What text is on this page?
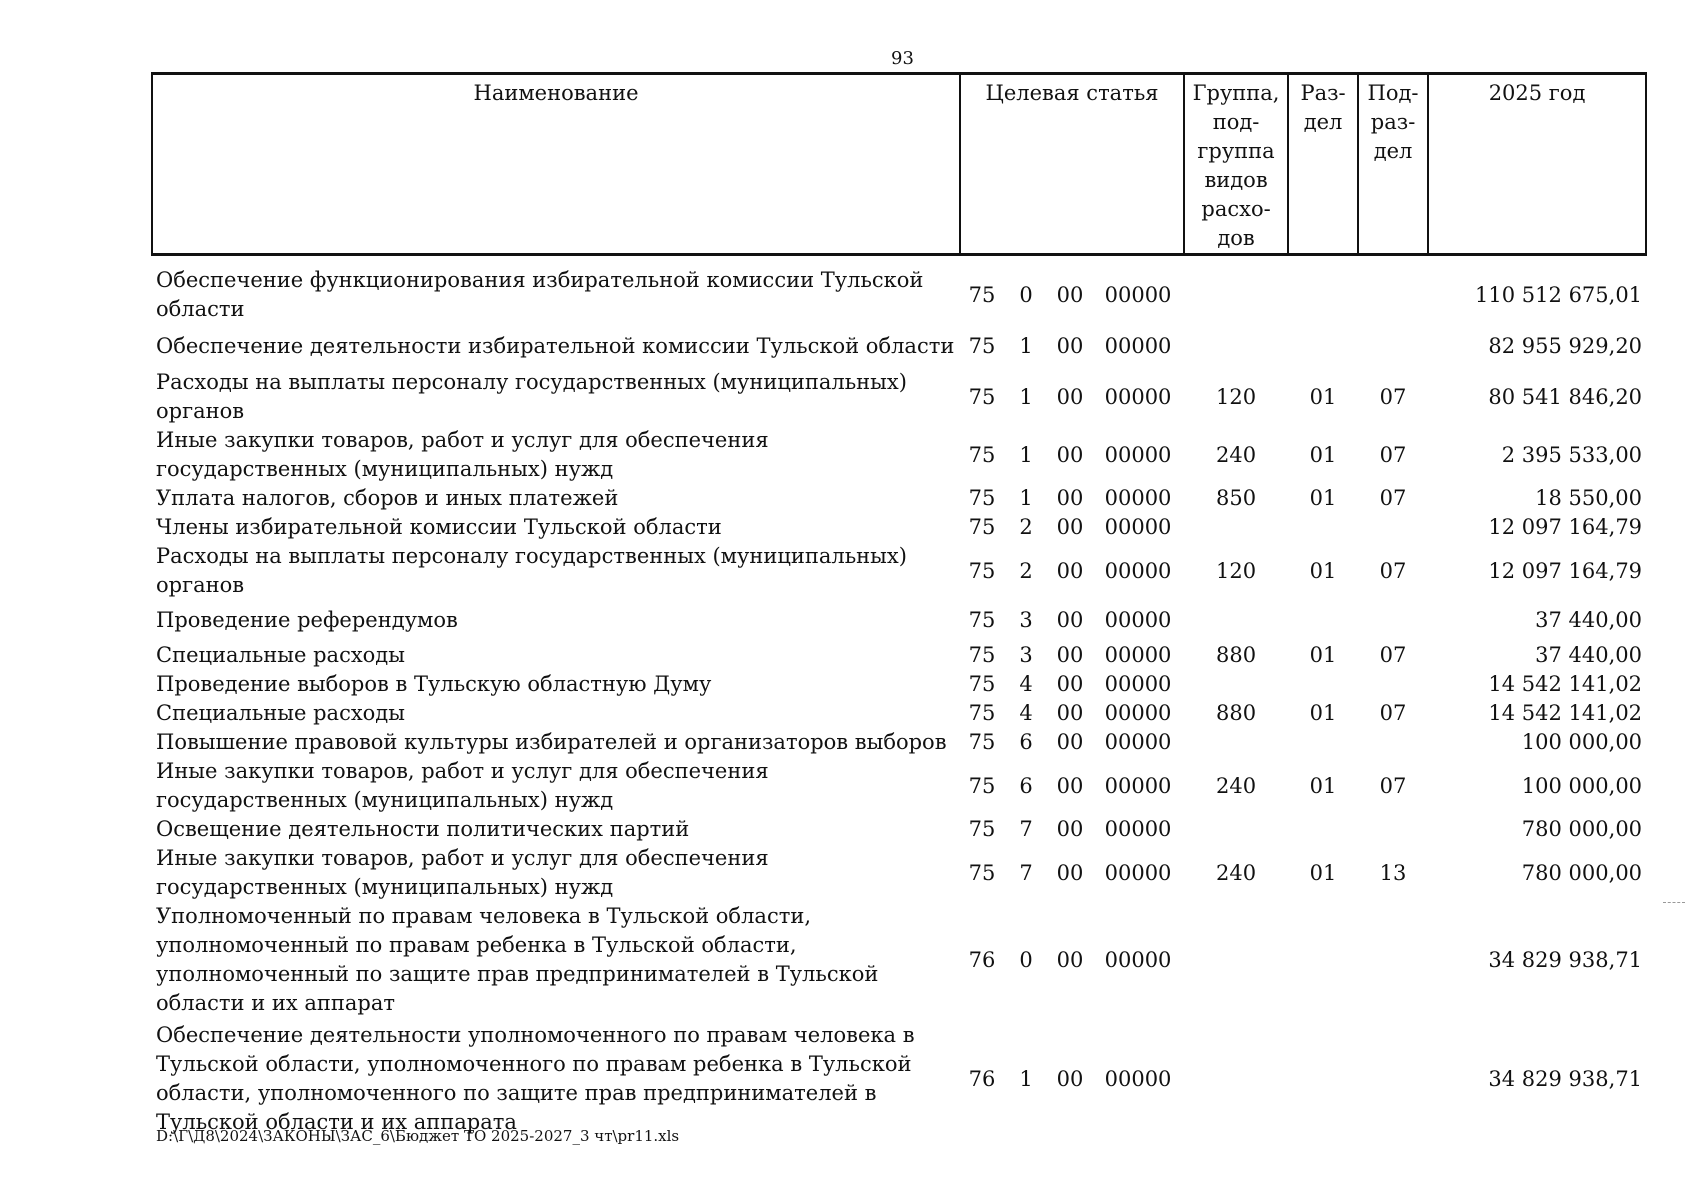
93
Наименование	Целевая статья				Группа, под- группа видов расхо- дов	Раз- дел	Под- раз- дел	2025 год

Обеспечение функционирования избирательной комиссии Тульской области	75	0	00	00000				110 512 675,01
Обеспечение деятельности избирательной комиссии Тульской области	75	1	00	00000				82 955 929,20
Расходы на выплаты персоналу государственных (муниципальных) органов	75	1	00	00000	120	01	07	80 541 846,20
Иные закупки товаров, работ и услуг для обеспечения государственных (муниципальных) нужд	75	1	00	00000	240	01	07	2 395 533,00
Уплата налогов, сборов и иных платежей	75	1	00	00000	850	01	07	18 550,00
Члены избирательной комиссии Тульской области	75	2	00	00000				12 097 164,79
Расходы на выплаты персоналу государственных (муниципальных) органов	75	2	00	00000	120	01	07	12 097 164,79
Проведение референдумов	75	3	00	00000				37 440,00
Специальные расходы	75	3	00	00000	880	01	07	37 440,00
Проведение выборов в Тульскую областную Думу	75	4	00	00000				14 542 141,02
Специальные расходы	75	4	00	00000	880	01	07	14 542 141,02
Повышение правовой культуры избирателей и организаторов выборов	75	6	00	00000				100 000,00
Иные закупки товаров, работ и услуг для обеспечения государственных (муниципальных) нужд	75	6	00	00000	240	01	07	100 000,00
Освещение деятельности политических партий	75	7	00	00000				780 000,00
Иные закупки товаров, работ и услуг для обеспечения государственных (муниципальных) нужд	75	7	00	00000	240	01	13	780 000,00
Уполномоченный по правам человека в Тульской области, уполномоченный по правам ребенка в Тульской области, уполномоченный по защите прав предпринимателей в Тульской области и их аппарат	76	0	00	00000				34 829 938,71
Обеспечение деятельности уполномоченного по правам человека в Тульской области, уполномоченного по правам ребенка в Тульской области, уполномоченного по защите прав предпринимателей в Тульской области и их аппарата	76	1	00	00000				34 829 938,71
D:\Г\Д8\2024\ЗАКОНЫ\ЗАС_6\Бюджет ТО 2025-2027_3 чт\pr11.xls
